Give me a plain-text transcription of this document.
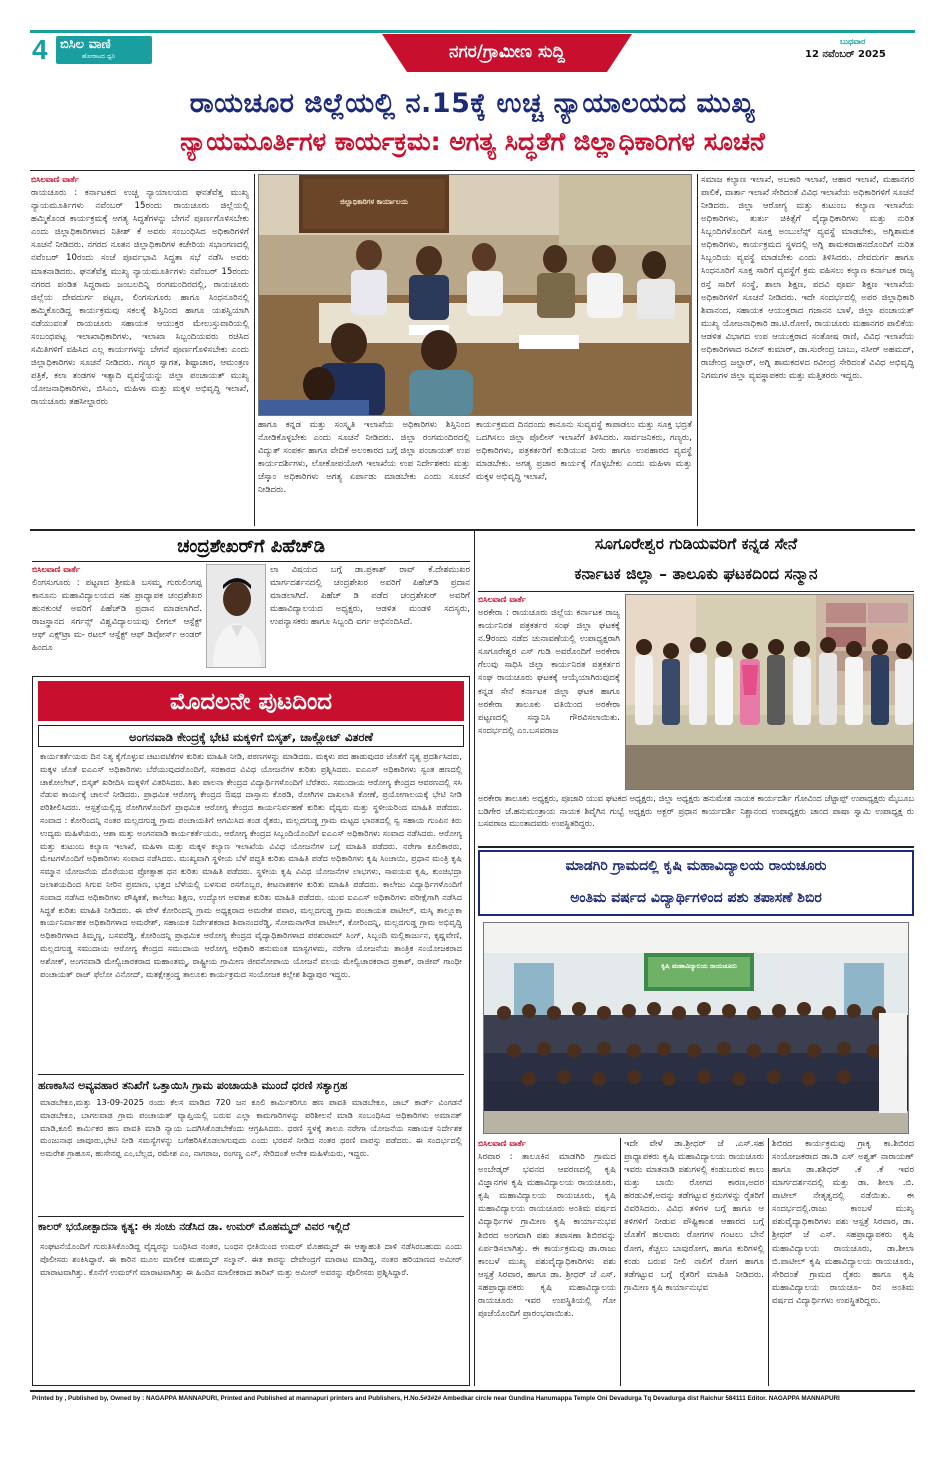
4 ಬಿಸಿಲ ವಾಣಿ
ಹೋರಾಟದ ಧ್ವನಿ	ನಗರ/ಗ್ರಾಮೀಣ ಸುದ್ದಿ
ಬುಧವಾರ
12 ನವೆಂಬರ್ 2025
ರಾಯಚೂರ ಜಿಲ್ಲೆಯಲ್ಲಿ ನ.15ಕ್ಕೆ ಉಚ್ಚ ನ್ಯಾಯಾಲಯದ ಮುಖ್ಯ
ನ್ಯಾಯಮೂರ್ತಿಗಳ ಕಾರ್ಯಕ್ರಮ: ಅಗತ್ಯ ಸಿದ್ಧತೆಗೆ ಜಿಲ್ಲಾಧಿಕಾರಿಗಳ ಸೂಚನೆ
ಬಿಸಿಲವಾಣಿ ವಾರ್ತೆ
ರಾಯಚೂರು : ಕರ್ನಾಟಕದ ಉಚ್ಚ ನ್ಯಾಯಾಲಯದ ಘನತೆವೆತ್ತ ಮುಖ್ಯ ನ್ಯಾಯಮೂರ್ತಿಗಳು ನವೆಂಬರ್ 15ರಂದು ರಾಯಚೂರು ಜಿಲ್ಲೆಯಲ್ಲಿ ಹಮ್ಮಿಕೊಂಡ ಕಾರ್ಯಕ್ರಮಕ್ಕೆ ಅಗತ್ಯ ಸಿದ್ಧತೆಗಳನ್ನು ಬೇಗನೆ ಪೂರ್ಣಗೊಳಿಸಬೇಕು ಎಂದು ಜಿಲ್ಲಾಧಿಕಾರಿಗಳಾದ ನಿತೀಶ್ ಕೆ ಅವರು ಸಂಬಂಧಿಸಿದ ಅಧಿಕಾರಿಗಳಿಗೆ ಸೂಚನೆ ನೀಡಿದರು. ನಗರದ ನೂತನ ಜಿಲ್ಲಾಧಿಕಾರಿಗಳ ಕಚೇರಿಯ ಸಭಾಂಗಣದಲ್ಲಿ ನವೆಂಬರ್ 10ರಂದು ಸಂಜೆ ಪೂರ್ವಭಾವಿ ಸಿದ್ಧತಾ ಸಭೆ ನಡೆಸಿ ಅವರು ಮಾತನಾಡಿದರು. ಘನತೆವೆತ್ತ ಮುಖ್ಯ ನ್ಯಾಯಮೂರ್ತಿಗಳು ನವೆಂಬರ್ 15ರಂದು ನಗರದ ಪಂಡಿತ ಸಿದ್ಧರಾಮ ಜಂಬಲದಿನ್ನಿ ರಂಗಮಂದಿರದಲ್ಲಿ, ರಾಯಚೂರು ಜಿಲ್ಲೆಯ ದೇವದುರ್ಗ ಪಟ್ಟಣ, ಲಿಂಗಸುಗೂರು ಹಾಗೂ ಸಿಂಧನೂರಿನಲ್ಲಿ ಹಮ್ಮಿಕೊಂಡಿದ್ದ ಕಾರ್ಯಕ್ರಮವು ಸಕಲಕ್ಕೆ ಶಿಸ್ತಿನಿಂದ ಹಾಗೂ ಯಶಸ್ವಿಯಾಗಿ ನಡೆಯುವಂತೆ ರಾಯಚೂರು ಸಹಾಯಕ ಆಯುಕ್ತರ ಮೇಲುಸ್ತುವಾರಿಯಲ್ಲಿ ಸಂಬಂಧಪಟ್ಟ ಇಲಾಖಾಧಿಕಾರಿಗಳು, ಇಲಾಖಾ ಸಿಬ್ಬಂದಿಯವರು ರಚಿಸಿದ ಸಮಿತಿಗಳಿಗೆ ವಹಿಸಿದ ಎಲ್ಲ ಕಾರ್ಯಗಳನ್ನು ಬೇಗನೆ ಪೂರ್ಣಗೊಳಿಸಬೇಕು ಎಂದು ಜಿಲ್ಲಾಧಿಕಾರಿಗಳು ಸೂಚನೆ ನೀಡಿದರು. ಗಣ್ಯರ ಸ್ವಾಗತ, ಶಿಷ್ಟಾಚಾರ, ಆಮಂತ್ರಣ ಪತ್ರಿಕೆ, ಕಲಾ ತಂಡಗಳ ಇತ್ಯಾದಿ ವ್ಯವಸ್ಥೆಯನ್ನು ಜಿಲ್ಲಾ ಪಂಚಾಯತ್ ಮುಖ್ಯ ಯೋಜನಾಧಿಕಾರಿಗಳು, ಬಿಸಿಎಂ, ಮಹಿಳಾ ಮತ್ತು ಮಕ್ಕಳ ಅಭಿವೃದ್ಧಿ ಇಲಾಖೆ, ರಾಯಚೂರು ತಹಸೀಲ್ದಾರರು
ಜಿಲ್ಲಾಧಿಕಾರಿಗಳ ಕಾರ್ಯಾಲಯ
ಹಾಗೂ ಕನ್ನಡ ಮತ್ತು ಸಂಸ್ಕೃತಿ ಇಲಾಖೆಯ ಅಧಿಕಾರಿಗಳು ಶಿಸ್ತಿನಿಂದ ನೋಡಿಕೊಳ್ಳಬೇಕು ಎಂದು ಸೂಚನೆ ನೀಡಿದರು. ಜಿಲ್ಲಾ ರಂಗಮಂದಿರದಲ್ಲಿ ವಿದ್ಯುತ್ ಸಂಪರ್ಕ ಹಾಗೂ ವೇದಿಕೆ ಅಲಂಕಾರದ ಬಗ್ಗೆ ಜಿಲ್ಲಾ ಪಂಚಾಯತ್ ಉಪ ಕಾರ್ಯದರ್ಶಿಗಳು, ಲೋಕೋಪಯೋಗಿ ಇಲಾಖೆಯ ಉಪ ನಿರ್ದೇಶಕರು ಮತ್ತು ಜೆಸ್ಕಾಂ ಅಧಿಕಾರಿಗಳು ಅಗತ್ಯ ಏರ್ಪಾಡು ಮಾಡಬೇಕು ಎಂದು ಸೂಚನೆ ನೀಡಿದರು.
ಕಾರ್ಯಕ್ರಮದ ದಿನದಂದು ಕಾನೂನು ಸುವ್ಯವಸ್ಥೆ ಕಾಪಾಡಲು ಮತ್ತು ಸೂಕ್ತ ಭದ್ರತೆ ಒದಗಿಸಲು ಜಿಲ್ಲಾ ಪೊಲೀಸ್ ಇಲಾಖೆಗೆ ತಿಳಿಸಿದರು. ಸಾರ್ವಜನಿಕರು, ಗಣ್ಯರು, ಅಧಿಕಾರಿಗಳು, ಪತ್ರಕರ್ತರಿಗೆ ಕುಡಿಯುವ ನೀರು ಹಾಗೂ ಉಪಹಾರದ ವ್ಯವಸ್ಥೆ ಮಾಡಬೇಕು. ಅಗತ್ಯ ಪ್ರಚಾರ ಕಾರ್ಯಕ್ಕೆ ಗೊಳ್ಳಬೇಕು ಎಂದು ಮಹಿಳಾ ಮತ್ತು ಮಕ್ಕಳ ಅಭಿವೃದ್ಧಿ ಇಲಾಖೆ,
ಸಮಾಜ ಕಲ್ಯಾಣ ಇಲಾಖೆ, ಅಬಕಾರಿ ಇಲಾಖೆ, ಆಹಾರ ಇಲಾಖೆ, ಮಹಾನಗರ ಪಾಲಿಕೆ, ವಾರ್ತಾ ಇಲಾಖೆ ಸೇರಿದಂತೆ ವಿವಿಧ ಇಲಾಖೆಯ ಅಧಿಕಾರಿಗಳಿಗೆ ಸೂಚನೆ ನೀಡಿದರು. ಜಿಲ್ಲಾ ಆರೋಗ್ಯ ಮತ್ತು ಕುಟುಂಬ ಕಲ್ಯಾಣ ಇಲಾಖೆಯ ಅಧಿಕಾರಿಗಳು, ತುರ್ತು ಚಿಕಿತ್ಸೆಗೆ ವೈದ್ಯಾಧಿಕಾರಿಗಳು ಮತ್ತು ನುರಿತ ಸಿಬ್ಬಂದಿಗಳೊಂದಿಗೆ ಸೂಕ್ತ ಅಂಬುಲೆನ್ಸ್ ವ್ಯವಸ್ಥೆ ಮಾಡಬೇಕು, ಅಗ್ನಿಶಾಮಕ ಅಧಿಕಾರಿಗಳು, ಕಾರ್ಯಕ್ರಮದ ಸ್ಥಳದಲ್ಲಿ ಅಗ್ನಿ ಶಾಮಕವಾಹನದೊಂದಿಗೆ ನುರಿತ ಸಿಬ್ಬಂದಿಯ ವ್ಯವಸ್ಥೆ ಮಾಡಬೇಕು ಎಂದು ತಿಳಿಸಿದರು. ದೇವದುರ್ಗ ಹಾಗೂ ಸಿಂಧನೂರಿಗೆ ಸೂಕ್ತ ಸಾರಿಗೆ ವ್ಯವಸ್ಥೆಗೆ ಕ್ರಮ ವಹಿಸಲು ಕಲ್ಯಾಣ ಕರ್ನಾಟಕ ರಾಜ್ಯ ರಸ್ತೆ ಸಾರಿಗೆ ಸಂಸ್ಥೆ, ಶಾಲಾ ಶಿಕ್ಷಣ, ಪದವಿ ಪೂರ್ವ ಶಿಕ್ಷಣ ಇಲಾಖೆಯ ಅಧಿಕಾರಿಗಳಿಗೆ ಸೂಚನೆ ನೀಡಿದರು. ಇದೇ ಸಂದರ್ಭದಲ್ಲಿ ಅಪರ ಜಿಲ್ಲಾಧಿಕಾರಿ ಶಿವಾನಂದ, ಸಹಾಯಕ ಆಯುಕ್ತರಾದ ಗಜಾನನ ಬಾಳೆ, ಜಿಲ್ಲಾ ಪಂಚಾಯತ್ ಮುಖ್ಯ ಯೋಜನಾಧಿಕಾರಿ ಡಾ.ಟಿ.ರೋಣಿ, ರಾಯಚೂರು ಮಹಾನಗರ ಪಾಲಿಕೆಯ ಆಡಳಿತ ವಿಭಾಗದ ಉಪ ಆಯುಕ್ತರಾದ ಸಂತೋಷ ರಾಣಿ, ವಿವಿಧ ಇಲಾಖೆಯ ಅಧಿಕಾರಿಗಳಾದ ರವೀನ್ ಕುಮಾರ್, ಡಾ.ಸುರೇಂದ್ರ ಬಾಬು, ನಸೀರ್ ಅಹಮದ್, ರಾಜೇಂದ್ರ ಜಲ್ದಾರ್, ಅಗ್ನಿ ಶಾಮಕದಳದ ರವೀಂದ್ರ ಸೇರಿದಂತೆ ವಿವಿಧ ಅಭಿವೃದ್ಧಿ ನಿಗಮಗಳ ಜಿಲ್ಲಾ ವ್ಯವಸ್ಥಾಪಕರು ಮತ್ತು ಮತ್ತಿತರರು ಇದ್ದರು.
ಚಂದ್ರಶೇಖರ್‌ಗೆ ಪಿಹೆಚ್‌ಡಿ
ಬಿಸಿಲವಾಣಿ ವಾರ್ತೆ
ಲಿಂಗಸುಗೂರು : ಪಟ್ಟಣದ ಶ್ರೀಮತಿ ಬಸಮ್ಮ ಗುರುಲಿಂಗಪ್ಪ ಕಾನೂನು ಮಹಾವಿದ್ಯಾಲಯದ ಸಹ ಪ್ರಾಧ್ಯಾಪಕ ಚಂದ್ರಶೇಖರ ಹುನಕುಂಟೆ ಅವರಿಗೆ ಪಿಹೆಚ್‌ಡಿ ಪ್ರದಾನ ಮಾಡಲಾಗಿದೆ. ರಾಜಸ್ಥಾನದ ಸರ್ಗನ್ಸ್ ವಿಶ್ವವಿದ್ಯಾಲಯವು ಲೀಗಲ್ ಆಸ್ಪೆಕ್ಟ್ ಆಫ್ ಎಕ್ಸ್‌ಟ್ರಾ ಮ- ರಟಲ್ ಆಸ್ಪೆಕ್ಟ್ ಆಫ್ ಡಿವೋರ್ಸ್ ಅಂಡರ್ ಹಿಂದೂ
ಲಾ ವಿಷಯದ ಬಗ್ಗೆ ಡಾ.ಪ್ರಕಾಶ್ ರಾವ್ ಕೆ.ದೇಶಮುಖರ ಮಾರ್ಗದರ್ಶನದಲ್ಲಿ ಚಂದ್ರಶೇಖರ ಅವರಿಗೆ ಪಿಹೆಚ್‌ಡಿ ಪ್ರದಾನ ಮಾಡಲಾಗಿದೆ. ಪಿಹೆಚ್ ಡಿ ಪಡೆದ ಚಂದ್ರಶೇಖರ್ ಅವರಿಗೆ ಮಹಾವಿದ್ಯಾಲಯದ ಅಧ್ಯಕ್ಷರು, ಆಡಳಿತ ಮಂಡಳಿ ಸದಸ್ಯರು, ಉಪನ್ಯಾಸಕರು ಹಾಗೂ ಸಿಬ್ಬಂದಿ ವರ್ಗ ಅಭಿನಂದಿಸಿದೆ.
ಮೊದಲನೇ ಪುಟದಿಂದ
ಅಂಗನವಾಡಿ ಕೇಂದ್ರಕ್ಕೆ ಭೇಟಿ ಮಕ್ಕಳಿಗೆ ಬಿಸ್ಕತ್, ಚಾಕ್ಲೋಟ್ ವಿತರಣೆ
ಕಾರ್ಯಕರ್ತೆಯರು ದಿನ ನಿತ್ಯ ಕೈಗೊಳ್ಳುವ ಚಟುವಟಿಕೆಗಳ ಕುರಿತು ಮಾಹಿತಿ ನೀಡಿ, ಪಠಣಗಳನ್ನು ಮಾಡಿದರು. ಮಕ್ಕಳು ಪದ ಹಾಡುವುದರ ಜೊತೆಗೆ ನೃತ್ಯ ಪ್ರದರ್ಶಿಸಿದರು, ಮಕ್ಕಳ ಜೊತೆ ಐಎಎಸ್ ಅಧಿಕಾರಿಗಳು ಬೆರೆಯುವುದರೊಂದಿಗೆ, ಸರಕಾರದ ವಿವಿಧ ಯೋಜನೆಗಳ ಕುರಿತು ಪ್ರಶ್ನಿಸಿದರು. ಐಎಎಸ್ ಅಧಿಕಾರಿಗಳು ಸ್ವಂತ ಹಣದಲ್ಲಿ ಚಾಕೋಲೇಟ್, ಬಿಸ್ಕತ್ ಖರೀದಿಸಿ ಮಕ್ಕಳಿಗೆ ವಿತರಿಸಿದರು. ಶಿಶು ಪಾಲನಾ ಕೇಂದ್ರದ ವಿದ್ಯಾರ್ಥಿಗಳೊಂದಿಗೆ ಬೆರೆತರು. ಸಮುದಾಯ ಆರೋಗ್ಯ ಕೇಂದ್ರದ ಆವರಣದಲ್ಲಿ ಸಸಿ ನೆಡುವ ಕಾರ್ಯಕ್ಕೆ ಚಾಲನೆ ನೀಡಿದರು. ಪ್ರಾಥಮಿಕ ಆರೋಗ್ಯ ಕೇಂದ್ರದ ಔಷಧ ದಾಸ್ತಾನು ಕೊಠಡಿ, ರೋಗಿಗಳ ದಾಖಲಾತಿ ಕೋಣೆ, ಪ್ರಯೋಗಾಲಯಕ್ಕೆ ಭೇಟಿ ನೀಡಿ ಪರಿಶೀಲಿಸಿದರು. ಆಸ್ಪತ್ರೆಯಲ್ಲಿದ್ದ ರೋಗಿಗಳೊಂದಿಗೆ ಪ್ರಾಥಮಿಕ ಆರೋಗ್ಯ ಕೇಂದ್ರದ ಕಾರ್ಯನಿರ್ವಹಣೆ ಕುರಿತು ವೈದ್ಯರು ಮತ್ತು ಸ್ಥಳೀಯರಿಂದ ಮಾಹಿತಿ ಪಡೆದರು. ಸಂವಾದ : ಕೋರಿಂದನ್ನಿ ನಂತರ ಮಲ್ಲದಗುಡ್ಡ ಗ್ರಾಮ ಪಂಚಾಯತಿಗೆ ಆಗಮಿಸಿದ ತಂಡ ರೈತರು, ಮಲ್ಲದಗುಡ್ಡ ಗ್ರಾಮ ಮಟ್ಟದ ಭಾರತದಲ್ಲಿ ಸ್ವ ಸಹಾಯ ಗುಂಪಿನ ಕಿರು ಉದ್ಯಮ ಮಹಿಳೆಯರು, ಆಶಾ ಮತ್ತು ಅಂಗನವಾಡಿ ಕಾರ್ಯಕರ್ತೆಯರು, ಆರೋಗ್ಯ ಕೇಂದ್ರದ ಸಿಬ್ಬಂದಿಯೊಂದಿಗೆ ಐಎಎಸ್ ಅಧಿಕಾರಿಗಳು ಸಂವಾದ ನಡೆಸಿದರು. ಆರೋಗ್ಯ ಮತ್ತು ಕುಟುಂಬ ಕಲ್ಯಾಣ ಇಲಾಖೆ, ಮಹಿಳಾ ಮತ್ತು ಮಕ್ಕಳ ಕಲ್ಯಾಣ ಇಲಾಖೆಯ ವಿವಿಧ ಯೋಜನೆಗಳ ಬಗ್ಗೆ ಮಾಹಿತಿ ಪಡೆದರು. ನರೇಗಾ ಕೂಲಿಕಾರರು, ಮೇಟಗಳೊಂದಿಗೆ ಅಧಿಕಾರಿಗಳು ಸಂವಾದ ನಡೆಸಿದರು. ಮುಖ್ಯವಾಗಿ ಸ್ಥಳೀಯ ಬೆಳೆ ಪದ್ಧತಿ ಕುರಿತು ಮಾಹಿತಿ ಪಡೆದ ಅಧಿಕಾರಿಗಳು ಕೃಷಿ ಸಿಂಚಾಯಿ, ಪ್ರಧಾನ ಮಂತ್ರಿ ಕೃಷಿ ಸಮ್ಮಾನ ಯೋಜನೆಯ ದೊರೆಯುವ ಪ್ರೋತ್ಸಾಹ ಧನ ಕುರಿತು ಮಾಹಿತಿ ಪಡೆದರು. ಸ್ಥಳೀಯ ಕೃಷಿ ವಿವಿಧ ಯೋಜನೆಗಳ ಲಾಭಗಳು, ಸಾವಯವ ಕೃಷಿ, ಕುಂಚಿಭದ್ರಾ ಜಲಾಶಯದಿಂದ ಸಿಗುವ ನೀರಿನ ಪ್ರಮಾಣ, ಭತ್ತದ ಬೆಳೆಯಲ್ಲಿ ಬಳಸುವ ರಸಗೊಬ್ಬರ, ಕೀಟನಾಶಕಗಳ ಕುರಿತು ಮಾಹಿತಿ ಪಡೆದರು. ಕಾಲೇಜು ವಿದ್ಯಾರ್ಥಿಗಳೊಂದಿಗೆ ಸಂವಾದ ನಡೆಸಿದ ಅಧಿಕಾರಿಗಳು ಪೌಷ್ಠಿಕತೆ, ಕಾಲೇಜು ಶಿಕ್ಷಣ, ಉದ್ಯೋಗ ಅವಕಾಶ ಕುರಿತು ಮಾಹಿತಿ ಪಡೆದರು. ಯುವ ಐಎಎಸ್ ಅಧಿಕಾರಿಗಳು ಪರೀಕ್ಷೆಗಾಗಿ ನಡೆಸಿದ ಸಿದ್ಧತೆ ಕುರಿತು ಮಾಹಿತಿ ನೀಡಿದರು. ಈ ವೇಳೆ ಕೋರಿಂದನ್ನಿ ಗ್ರಾಮ ಅಧ್ಯಕ್ಷರಾದ ಅಮರೇಶ ಪವಾರ, ಮಲ್ಲದಗುಡ್ಡ ಗ್ರಾಮ ಪಂಚಾಯತ ಪಾಟೀಲ್, ಮಸ್ಕಿ ತಾಲ್ಲೂಕಾ ಕಾರ್ಯನಿರ್ವಾಹಕ ಅಧಿಕಾರಿಗಳಾದ ಅಮರೇಶ್, ಸಹಾಯಕ ನಿರ್ದೇಶಕರಾದ ಶಿವಾನಂದರೆಡ್ಡಿ, ಸೋಮನಾಗೌಡ ಪಾಟೀಲ್, ಕೋರಿಂದನ್ನಿ, ಮಲ್ಲದಗುಡ್ಡ ಗ್ರಾಮ ಅಭಿವೃದ್ಧಿ ಅಧಿಕಾರಿಗಳಾದ ತಿಮ್ಮಣ್ಣ, ಬಸವರೆಡ್ಡಿ, ಕೋರಿಂದನ್ನಿ ಪ್ರಾಥಮಿಕ ಆರೋಗ್ಯ ಕೇಂದ್ರದ ವೈದ್ಯಾಧಿಕಾರಿಗಳಾದ ಪರಶುರಾಮ್ ಸಿಂಗ್, ಸಿಬ್ಬಂದಿ ಮಲ್ಲಿಕಾರ್ಜುನ, ಕೃಷ್ಣವೇಣಿ, ಮಲ್ಲದಗುಡ್ಡ ಸಮುದಾಯ ಆರೋಗ್ಯ ಕೇಂದ್ರದ ಸಮುದಾಯ ಆರೋಗ್ಯ ಅಧಿಕಾರಿ ಹನುಮಂತ ಮಾಸ್ಟಗಳಮ, ನರೇಗಾ ಯೋಜನೆಯ ತಾಂತ್ರಿಕ ಸಂಯೋಜಕರಾದ ಅಶೋಕ್, ಅಂಗನವಾಡಿ ಮೇಲ್ವಿಚಾರಕರಾದ ಮಹಾಂತಮ್ಮ, ರಾಷ್ಟ್ರೀಯ ಗ್ರಾಮೀಣ ಜೀವನೋಪಾಯ ಯೋಜನೆ ವಲಯ ಮೇಲ್ವಿಚಾರಕರಾದ ಪ್ರಕಾಶ್, ರಾಜೀವ್ ಗಾಂಧೀ ಪಂಚಾಯತ್ ರಾಜ್ ಫೆಲೋ ವಿನೋದ್, ಮತಕ್ಷೇತ್ರಂದ್ಡ ತಾಲೂಕು ಕಾರ್ಯಕ್ರಮದ ಸಂಯೋಜಕ ಕಲ್ಲೇಶ ಶಿದ್ದಾಪುರ ಇದ್ದರು.
ಹಣಕಾಸಿನ ಅವ್ಯವಹಾರ ತನಿಖೆಗೆ ಒತ್ತಾಯಿಸಿ ಗ್ರಾಮ ಪಂಚಾಯತಿ ಮುಂದೆ ಧರಣಿ ಸತ್ಯಾಗ್ರಹ
ಮಾಡಬೇಕೂ,ಮತ್ತು 13-09-2025 ರಂದು ಕೆಲಸ ಮಾಡಿದ 720 ಜನ ಕೂಲಿ ಕಾರ್ಮಿಕರಿಗೂ ಹಣ ಪಾವತಿ ಮಾಡಬೇಕೂ, ಜಾಬ್ ಕಾರ್ಡ್ ವಿಂಗಡನೆ ಮಾಡಬೇಕೂ, ಬಾಗಲವಾಡ ಗ್ರಾಮ ಪಂಚಾಯತ್ ವ್ಯಾಪ್ತಿಯಲ್ಲಿ ಬರುವ ಎಲ್ಲಾ ಕಾಮಗಾರಿಗಳನ್ನು ಪರಿಶೀಲನೆ ಮಾಡಿ ಸಂಬಂಧಿಸಿದ ಅಧಿಕಾರಿಗಳು ಅಮಾನತ್ ಮಾಡಿ,ಕೂಲಿ ಕಾರ್ಮಿಕರ ಹಣ ಪಾವತಿ ಮಾಡಿ ನ್ಯಾಯ ಒದಗಿಸಿಕೊಡಬೇಕೆಂದು ಆಗ್ರಹಿಸಿದರು. ಧರಣಿ ಸ್ಥಳಕ್ಕೆ ತಾಲೂ ನರೇಗಾ ಯೋಜನೆಯ ಸಹಾಯಕ ನಿರ್ದೇಶಕ ಮಂಜುನಾಥ ಜಾವೂರು,ಭೇಟಿ ನೀಡಿ ಸಮಸ್ಯೆಗಳನ್ನು ಬಗೆಹರಿಸಿಕೊಡಲಾಗುವುದು ಎಂದು ಭರವಸೆ ನೀಡಿದ ನಂತರ ಧರಣಿ ವಾಪಸ್ಸು ಪಡೆದರು. ಈ ಸಂದರ್ಭದಲ್ಲಿ ಅಮರೇಶ ಗ್ರಾಹೂಸ, ಹುಸೇನಪ್ಪ ಎಂ,ಬೆಲ್ಲದ, ರಮೇಶ ಎಂ, ನಾಗರಾಜ, ರಂಗಣ್ಣ ಎನ್, ಸೇರಿದಂತೆ ಅನೇಕ ಮಹಿಳೆಯರು, ಇದ್ದರು.
ಕಾಲರ್ ಭಯೋತ್ಪಾದನಾ ಕೃತ್ಯ: ಈ ಸಂಚು ನಡೆಸಿದ ಡಾ. ಉಮರ್ ಮೊಹಮ್ಮದ್ ವಿವರ ಇಲ್ಲಿದೆ
ಸಂಘಟನೆಯೊಂದಿಗೆ ಗುರುತಿಸಿಕೊಂಡಿದ್ದ ವೈದ್ಯರನ್ನು ಬಂಧಿಸಿದ ನಂತರ, ಬಂಧನ ಭೀತಿಯಿಂದ ಉಮರ್ ಮೊಹಮ್ಮದ್ ಈ ಆತ್ಮಾಹುತಿ ದಾಳಿ ನಡೆಸಿರಬಹುದು ಎಂದು ಪೊಲೀಸರು ಶಂಕಿಸಿದ್ದಾರೆ. ಈ ಕಾರಿನ ಮೂಲ ಮಾಲೀಕ ಮಹಮ್ಮದ್ ಸಲ್ಮಾನ್. ಈತ ಕಾರನ್ನು ದೇವೇಂದ್ರಗೆ ಮಾರಾಟ ಮಾಡಿದ್ದ, ನಂತರ ಹರಿಯಾಣದ ಅಮೀರ್‌ ಮಾರಾಟವಾಗಿತ್ತು. ಕೊನೆಗೆ ಉಮರ್‌ಗೆ ಮಾರಾಟವಾಗಿತ್ತು ಈ ಹಿಂದಿನ ಮಾಲೀಕರಾದ ತಾರಿಖ್ ಮತ್ತು ಅಮೀರ್ ಅವರನ್ನು ಪೊಲೀಸರು ಪ್ರಶ್ನಿಸಿದ್ದಾರೆ.
ಸೂಗೂರೇಶ್ವರ ಗುಡಿಯವರಿಗೆ ಕನ್ನಡ ಸೇನೆ
ಕರ್ನಾಟಕ ಜಿಲ್ಲಾ – ತಾಲೂಕು ಘಟಕದಿಂದ ಸನ್ಮಾನ
ಬಿಸಿಲವಾಣಿ ವಾರ್ತೆ
ಅರಕೇರಾ : ರಾಯಚೂರು ಜಿಲ್ಲೆಯ ಕರ್ನಾಟಕ ರಾಜ್ಯ ಕಾರ್ಯನಿರತ ಪತ್ರಕರ್ತರ ಸಂಘ ಜಿಲ್ಲಾ ಘಟಕಕ್ಕೆ ನ.9ರಂದು ನಡೆದ ಚುನಾವಣೆಯಲ್ಲಿ ಉಪಾಧ್ಯಕ್ಷರಾಗಿ ಸೂಗೂರೇಶ್ವರ ಎಸ್ ಗುಡಿ ಅವರೊಂದಿಗೆ ಅರಕೇರಾ ಗೆಲುವು ಸಾಧಿಸಿ ಜಿಲ್ಲಾ ಕಾರ್ಯನಿರತ ಪತ್ರಕರ್ತರ ಸಂಘ ರಾಯಚೂರು ಘಟಕಕ್ಕೆ ಆಯ್ಕೆಯಾಗಿರುವುದಕ್ಕೆ ಕನ್ನಡ ಸೇನೆ ಕರ್ನಾಟಕ ಜಿಲ್ಲಾ ಘಟಕ ಹಾಗೂ ಅರಕೇರಾ ತಾಲೂಕು ವತಿಯಿಂದ ಅರಕೇರಾ ಪಟ್ಟಣದಲ್ಲಿ ಸನ್ಮಾನಿಸಿ ಗೌರವಿಸಲಾಯಿತು. ಸಂದರ್ಭದಲ್ಲಿ ಎಂ.ಬಸವರಾಜ
ಅರಕೇರಾ ತಾಲೂಕು ಅಧ್ಯಕ್ಷರು, ಪೂಜಾರಿ ಯುವ ಘಟಕದ ಅಧ್ಯಕ್ಷರು, ಜಿಲ್ಲಾ ಅಧ್ಯಕ್ಷರು ಹನುಮೇಶ ನಾಯಕ ಕಾರ್ಯದರ್ಶಿ ಗೋವಿಂದ ಚೆಟ್ಟಾಪ್ಪ್ ಉಪಾಧ್ಯಕ್ಷರು ಮೈಬೂಬ ಬಡಿಗೇರ ಜೆ.ಹನುಮಂತ್ರಾಯ ನಾಯಕ ಶಿವೈಗಿನ ಗುಬ್ಬೆ ಅಧ್ಯಕ್ಷರು ಅಕ್ಬರ್ ಪ್ರಧಾನ ಕಾರ್ಯದರ್ಶಿ ನಿಶ್ಚಾನಂದ ಉಪಾಧ್ಯಕ್ಷರು ಚಾಂದ ಪಾಷಾ ಸ್ವಾಮಿ ಉಪಾಧ್ಯಕ್ಷ ರು ಬಸವರಾಜ ಮುಂತಾದವರು ಉಪಸ್ಥಿತರಿದ್ದರು.
ಮಾಡಗಿರಿ ಗ್ರಾಮದಲ್ಲಿ ಕೃಷಿ ಮಹಾವಿದ್ಯಾಲಯ ರಾಯಚೂರು
ಅಂತಿಮ ವರ್ಷದ ವಿದ್ಯಾರ್ಥಿಗಳಿಂದ ಪಶು ತಪಾಸಣೆ ಶಿಬಿರ
ಕೃಷಿ ಮಹಾವಿದ್ಯಾಲಯ ರಾಯಚೂರು
ಬಿಸಿಲವಾಣಿ ವಾರ್ತೆ
ಸಿರವಾರ : ತಾಲೂಕಿನ ಮಾಡಗಿರಿ ಗ್ರಾಮದ ಅಂಬೇಡ್ಕರ್ ಭವನದ ಆವರಣದಲ್ಲಿ ಕೃಷಿ ವಿಜ್ಞಾನಗಳ ಕೃಷಿ ಮಹಾವಿದ್ಯಾಲಯ ರಾಯಚೂರು, ಕೃಷಿ ಮಹಾವಿದ್ಯಾಲಯ ರಾಯಚೂರು, ಕೃಷಿ ಮಹಾವಿದ್ಯಾಲಯ ರಾಯಚೂರು ಅಂತಿಮ ವರ್ಷದ ವಿದ್ಯಾರ್ಥಿಗಳ ಗ್ರಾಮೀಣ ಕೃಷಿ ಕಾರ್ಯಾನುಭವ ಶಿಬಿರದ ಅಂಗವಾಗಿ ಪಶು ತಪಾಸಣಾ ಶಿಬಿರವನ್ನು ಏರ್ಪಡಿಸಲಾಗಿತ್ತು. ಈ ಕಾರ್ಯಕ್ರಮವು ಡಾ.ರಾಜು ಕಾಂಬಳೆ ಮುಖ್ಯ ಪಶುವೈದ್ಯಾಧಿಕಾರಿಗಳು ಪಶು ಆಸ್ಪತ್ರೆ ಸಿರವಾರ, ಹಾಗೂ ಡಾ. ಶ್ರೀಧರ್ ಜೆ ಎಸ್. ಸಹಪ್ರಾಧ್ಯಾಪಕರು ಕೃಷಿ ಮಹಾವಿದ್ಯಾಲಯ ರಾಯಚೂರು ಇವರ ಉಪಸ್ಥಿತಿಯಲ್ಲಿ ಗೋ ಪೂಜೆಯೊಂದಿಗೆ ಪ್ರಾರಂಭವಾಯಿತು.
ಇದೇ ವೇಳೆ ಡಾ.ಶ್ರೀಧರ್ ಜೆ .ಎಸ್.ಸಹ ಪ್ರಾಧ್ಯಾಪಕರು ಕೃಷಿ ಮಹಾವಿದ್ಯಾಲಯ ರಾಯಚೂರು ಇವರು ಮಾತನಾಡಿ ಪಶುಗಳಲ್ಲಿ ಕಂಡುಬರುವ ಕಾಲು ಮತ್ತು ಬಾಯಿ ರೋಗದ ಕಾರಣ,ಅದರ ಹರಡುವಿಕೆ,ಅದನ್ನು ತಡೆಗಟ್ಟುವ ಕ್ರಮಗಳನ್ನು ರೈತರಿಗೆ ವಿವರಿಸಿದರು. ವಿವಿಧ ತಳಿಗಳ ಬಗ್ಗೆ ಹಾಗೂ ಆ ತಳಿಗಳಿಗೆ ನೀಡುವ ಪೌಷ್ಟಿಕಾಂಶ ಆಹಾರದ ಬಗ್ಗೆ ಜೊತೆಗೆ ಹಲವಾರು ರೋಗಗಳ ಗಂಟಲು ಬೇನೆ ರೋಗ, ಕೆಚ್ಚಲು ಬಾವುರೋಗ, ಹಾಗೂ ಕುರಿಗಳಲ್ಲಿ ಕಂಡು ಬರುವ ನೀಲಿ ನಾಲಿಗೆ ರೋಗ ಹಾಗೂ ತಡೆಗಟ್ಟುವ ಬಗ್ಗೆ ರೈತರಿಗೆ ಮಾಹಿತಿ ನೀಡಿದರು. ಗ್ರಾಮೀಣ ಕೃಷಿ ಕಾರ್ಯಾನುಭವ
ಶಿಬಿರದ ಕಾರ್ಯಕ್ರಮವು ಗ್ರಾಕೃ ಕಾ.ಶಿಬಿರದ ಸಂಯೋಜಕರಾದ ಡಾ.ಡಿ ಎಸ್ ಅಶ್ವತ್ ನಾರಾಯಣ್ ಹಾಗೂ ಡಾ.ಶಶಿಧರ್ .ಕೆ .ಕೆ ಇವರ ಮಾರ್ಗದರ್ಶನದಲ್ಲಿ ಮತ್ತು ಡಾ. ಶೀಲಾ .ಬಿ. ಪಾಟೀಲ್ ನೇತೃತ್ವದಲ್ಲಿ ನಡೆಯಿತು. ಈ ಸಂದರ್ಭದಲ್ಲಿ.ರಾಜು ಕಾಂಬಳೆ ಮುಖ್ಯ ಪಶುವೈದ್ಯಾಧಿಕಾರಿಗಳು ಪಶು ಆಸ್ಪತ್ರೆ ಸಿರವಾರ, ಡಾ. ಶ್ರೀಧರ್ ಜೆ ಎಸ್. ಸಹಪ್ರಾಧ್ಯಾಪಕರು ಕೃಷಿ ಮಹಾವಿದ್ಯಾಲಯ ರಾಯಚೂರು, ಡಾ.ಶೀಲಾ ಬಿ.ಪಾಟೀಲ್ ಕೃಷಿ ಮಹಾವಿದ್ಯಾಲಯ ರಾಯಚೂರು, ಸೇರಿದಂತೆ ಗ್ರಾಮದ ರೈತರು ಹಾಗೂ ಕೃಷಿ ಮಹಾವಿದ್ಯಾಲಯ ರಾಯಚೂ- ರಿನ ಅಂತಿಮ ವರ್ಷದ ವಿದ್ಯಾರ್ಥಿಗಳು ಉಪಸ್ಥಿತರಿದ್ದರು.
Printed by , Published by, Owned by : NAGAPPA MANNAPURI, Printed and Published at mannapuri printers and Publishers, H.No.5#3#2# Ambedkar circle near Gundina Hanumappa Temple Oni Devadurga Tq Devadurga dist Raichur 584111 Editor. NAGAPPA MANNAPURI
